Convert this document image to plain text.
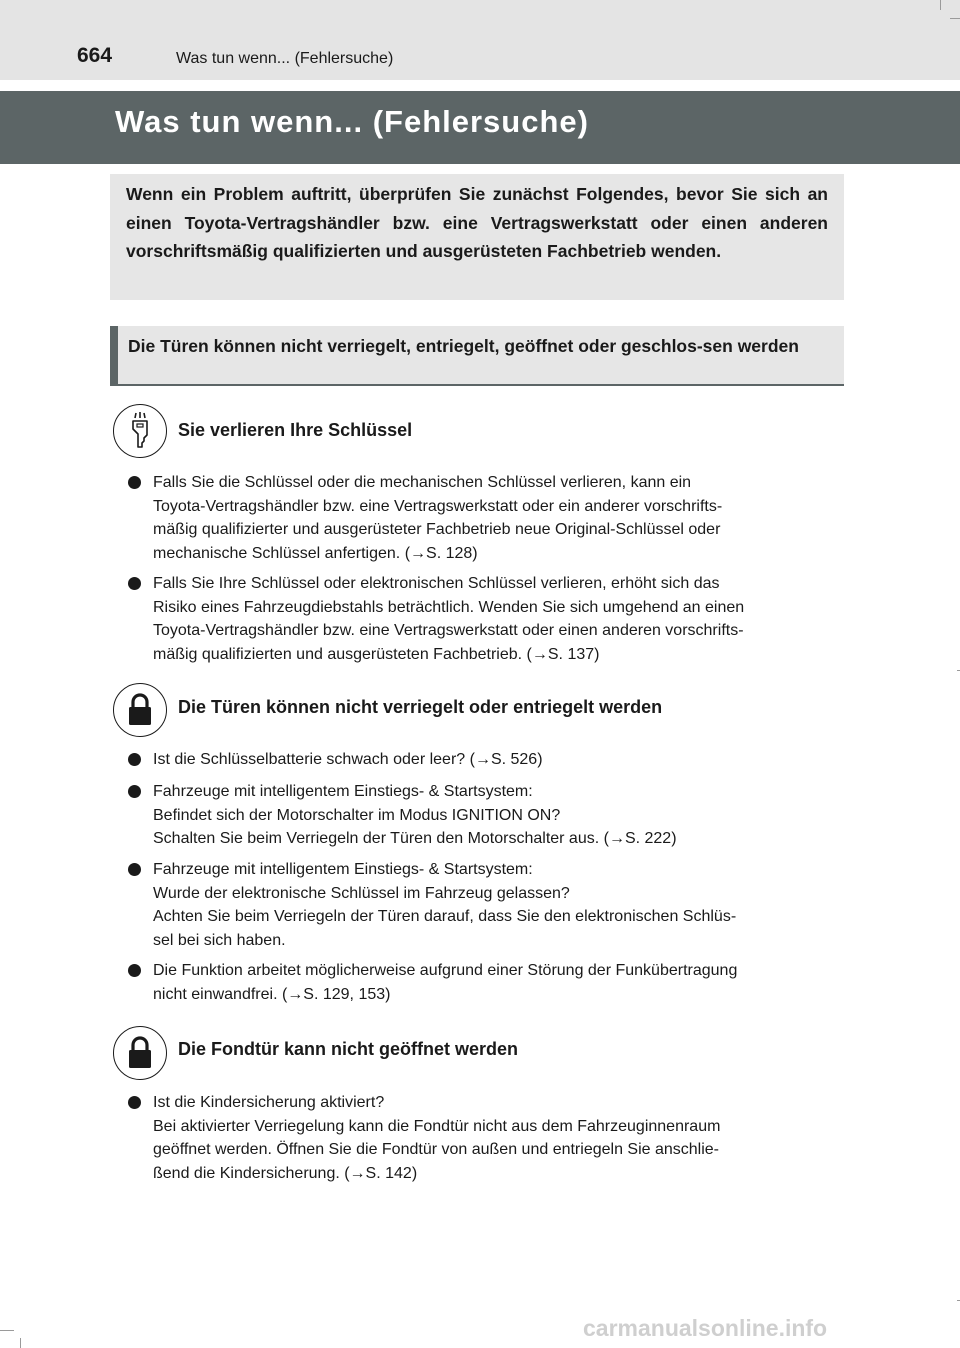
664	Was tun wenn... (Fehlersuche)
Was tun wenn... (Fehlersuche)

Wenn ein Problem auftritt, überprüfen Sie zunächst Folgendes, bevor Sie sich an einen Toyota-Vertragshändler bzw. eine Vertragswerkstatt oder einen anderen vorschriftsmäßig qualifizierten und ausgerüsteten Fachbetrieb wenden.

Die Türen können nicht verriegelt, entriegelt, geöffnet oder geschlos-sen werden

Sie verlieren Ihre Schlüssel
Falls Sie die Schlüssel oder die mechanischen Schlüssel verlieren, kann ein
Toyota-Vertragshändler bzw. eine Vertragswerkstatt oder ein anderer vorschrifts-
mäßig qualifizierter und ausgerüsteter Fachbetrieb neue Original-Schlüssel oder
mechanische Schlüssel anfertigen. (→S. 128)
Falls Sie Ihre Schlüssel oder elektronischen Schlüssel verlieren, erhöht sich das
Risiko eines Fahrzeugdiebstahls beträchtlich. Wenden Sie sich umgehend an einen
Toyota-Vertragshändler bzw. eine Vertragswerkstatt oder einen anderen vorschrifts-
mäßig qualifizierten und ausgerüsteten Fachbetrieb. (→S. 137)
Die Türen können nicht verriegelt oder entriegelt werden
Ist die Schlüsselbatterie schwach oder leer? (→S. 526)
Fahrzeuge mit intelligentem Einstiegs- & Startsystem:
Befindet sich der Motorschalter im Modus IGNITION ON?
Schalten Sie beim Verriegeln der Türen den Motorschalter aus. (→S. 222)
Fahrzeuge mit intelligentem Einstiegs- & Startsystem:
Wurde der elektronische Schlüssel im Fahrzeug gelassen?
Achten Sie beim Verriegeln der Türen darauf, dass Sie den elektronischen Schlüs-
sel bei sich haben.
Die Funktion arbeitet möglicherweise aufgrund einer Störung der Funkübertragung
nicht einwandfrei. (→S. 129, 153)
Die Fondtür kann nicht geöffnet werden
Ist die Kindersicherung aktiviert?
Bei aktivierter Verriegelung kann die Fondtür nicht aus dem Fahrzeuginnenraum
geöffnet werden. Öffnen Sie die Fondtür von außen und entriegeln Sie anschlie-
ßend die Kindersicherung. (→S. 142)
carmanualsonline.info
